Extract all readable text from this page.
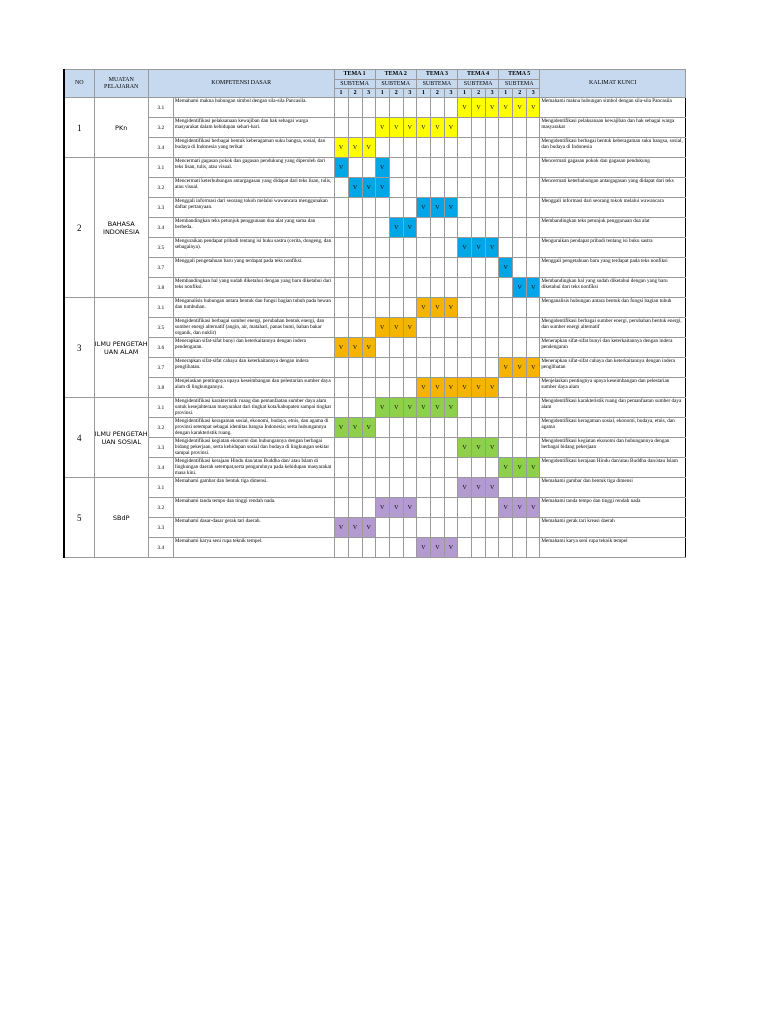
NO	MUATAN PELAJARAN	KOMPETENSI DASAR		TEMA 1			TEMA 2			TEMA 3			TEMA 4			TEMA 5			KALIMAT KUNCI
				SUBTEMA			SUBTEMA			SUBTEMA			SUBTEMA			SUBTEMA			
				1	2	3	1	2	3	1	2	3	1	2	3	1	2	3	
1	PKn	3.1	Memahami makna hubungan simbol dengan sila-sila Pancasila.										V	V	V	V	V	V	Memahami makna hubungan simbol dengan sila-sila Pancasila

		3.2	Mengidentifikasi pelaksanaan kewajiban dan hak sebagai warga masyarakat dalam kehidupan sehari-hari.				V	V	V	V	V	V							Mengidentifikasi pelaksanaan kewajiban dan hak sebagai warga masyarakat

		3.4	Mengidentifikasi berbagai bentuk keberagaman suku bangsa, sosial, dan budaya di Indonesia yang terikat	V	V	V													Mengidentifikasi berbagai bentuk keberagaman suku bangsa, sosial, dan budaya di Indonesia

2	BAHASA INDONESIA	3.1	Mencermati gagasan pokok dan gagasan pendukung yang diperoleh dari teks lisan, tulis, atau visual.	V			V												Mencermati gagasan pokok dan gagasan pendukung

		3.2	Mencermati keterhubungan antargagasan yang didapat dari teks lisan, tulis, atau visual.		V	V	V												Mencermati keterhubungan antargagasan yang didapat dari teks

		3.3	Menggali informasi dari seorang tokoh melalui wawancara menggunakan daftar pertanyaan.							V	V	V							Menggali informasi dari seorang tokoh melalui wawancara

		3.4	Membandingkan teks petunjuk penggunaan dua alat yang sama dan berbeda.					V	V										Membandingkan teks petunjuk penggunaan dua alat

		3.5	Menguraikan pendapat pribadi tentang isi buku sastra (cerita, dongeng, dan sebagainya).										V	V	V				Menguraikan pendapat pribadi tentang isi buku sastra

		3.7	Menggali pengetahuan baru yang terdapat pada teks nonfiksi.													V			Menggali pengetahuan baru yang terdapat pada teks nonfiksi

		3.8	Membandingkan hal yang sudah diketahui dengan yang baru diketahui dari teks nonfiksi.														V	V	Membandingkan hal yang sudah diketahui dengan yang baru diketahui dari teks nonfiksi

3	ILMU PENGETAH UAN ALAM	3.1	Menganalisis hubungan antara bentuk dan fungsi bagian tubuh pada hewan dan tumbuhan.							V	V	V							Menganalisis hubungan antara bentuk dan fungsi bagian tubuh

		3.5	Mengidentifikasi berbagai sumber energi, perubahan bentuk energi, dan sumber energi alternatif (angin, air, matahari, panas bumi, bahan bakar organik, dan nuklir)				V	V	V										Mengidentifikasi berbagai sumber energi, perubahan bentuk energi, dan sumber energi alternatif

		3.6	Menerapkan sifat-sifat bunyi dan keterkaitannya dengan indera pendengaran.	V	V	V													Menerapkan sifat-sifat bunyi dan keterkaitannya dengan indera pendengaran

		3.7	Menerapkan sifat-sifat cahaya dan keterkaitannya dengan indera penglihatan.													V	V	V	Menerapkan sifat-sifat cahaya dan keterkaitannya dengan indera penglihatan

		3.8	Menjelaskan pentingnya upaya keseimbangan dan pelestarian sumber daya alam di lingkungannya.							V	V	V	V	V	V				Menjelaskan pentingnya upaya keseimbangan dan pelestarian sumber daya alam

4	ILMU PENGETAH UAN SOSIAL	3.1	Mengidentifikasi karakteristik ruang dan pemanfaatan sumber daya alam untuk kesejahteraan masyarakat dari tingkat kota/kabupaten sampai tingkat provinsi.				V	V	V	V	V	V							Mengidentifikasi karakteristik ruang dan pemanfaatan sumber daya alam

		3.2	Mengidentifikasi keragaman sosial, ekonomi, budaya, etnis, dan agama di provinsi setempat sebagai identitas bangsa Indonesia; serta hubungannya dengan karakteristik ruang.	V	V	V													Mengidentifikasi keragaman sosial, ekonomi, budaya, etnis, dan agama

		3.3	Mengidentifikasi kegiatan ekonomi dan hubungannya dengan berbagai bidang pekerjaan, serta kehidupan sosial dan budaya di lingkungan sekitar sampai provinsi.										V	V	V				Mengidentifikasi kegiatan ekonomi dan hubungannya dengan berbagai bidang pekerjaan

		3.4	Mengidentifikasi kerajaan Hindu dan/atau Buddha dan/ atau Islam di lingkungan daerah setempat,serta pengaruhnya pada kehidupan masyarakat masa kini.													V	V	V	Mengidentifikasi kerajaan Hindu dan/atau Buddha dan/atau Islam

5	SBdP	3.1	Memahami gambar dan bentuk tiga dimensi.										V	V	V				Memahami gambar dan bentuk tiga dimensi

		3.2	Memahami tanda tempo dan tinggi rendah nada.				V	V	V							V	V	V	Memahami tanda tempo dan tinggi rendah nada

		3.3	Memahami dasar-dasar gerak tari daerah.	V	V	V													Memahami gerak tari kreasi daerah

		3.4	Memahami karya seni rupa teknik tempel.							V	V	V							Memahami karya seni rupa teknik tempel
